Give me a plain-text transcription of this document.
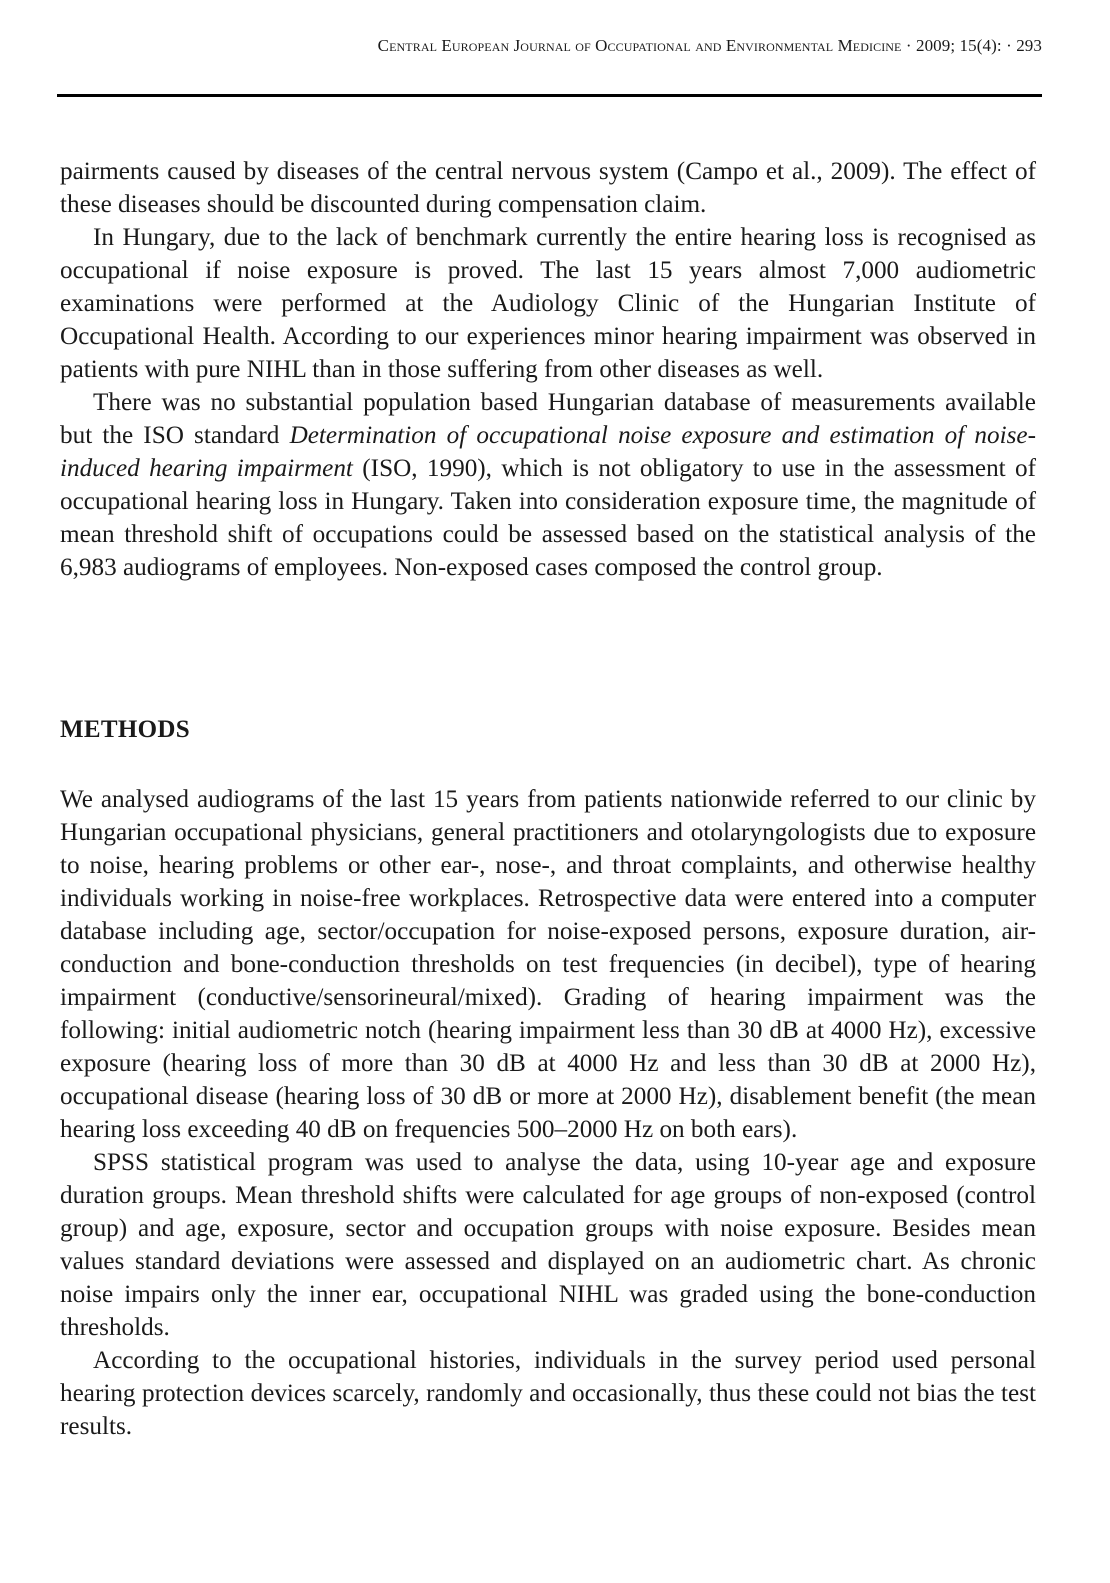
Central European Journal of Occupational and Environmental Medicine · 2009; 15(4): · 293

pairments caused by diseases of the central nervous system (Campo et al., 2009). The effect of these diseases should be discounted during compensation claim.

In Hungary, due to the lack of benchmark currently the entire hearing loss is recognised as occupational if noise exposure is proved. The last 15 years almost 7,000 audiometric examinations were performed at the Audiology Clinic of the Hungarian Institute of Occupational Health. According to our experiences minor hearing impairment was observed in patients with pure NIHL than in those suffering from other diseases as well.

There was no substantial population based Hungarian database of measurements available but the ISO standard Determination of occupational noise exposure and estimation of noise-induced hearing impairment (ISO, 1990), which is not obligatory to use in the assessment of occupational hearing loss in Hungary. Taken into consideration exposure time, the magnitude of mean threshold shift of occupations could be assessed based on the statistical analysis of the 6,983 audiograms of employees. Non-exposed cases composed the control group.

METHODS

We analysed audiograms of the last 15 years from patients nationwide referred to our clinic by Hungarian occupational physicians, general practitioners and otolaryngologists due to exposure to noise, hearing problems or other ear-, nose-, and throat complaints, and otherwise healthy individuals working in noise-free workplaces. Retrospective data were entered into a computer database including age, sector/occupation for noise-exposed persons, exposure duration, air-conduction and bone-conduction thresholds on test frequencies (in decibel), type of hearing impairment (conductive/sensorineural/mixed). Grading of hearing impairment was the following: initial audiometric notch (hearing impairment less than 30 dB at 4000 Hz), excessive exposure (hearing loss of more than 30 dB at 4000 Hz and less than 30 dB at 2000 Hz), occupational disease (hearing loss of 30 dB or more at 2000 Hz), disablement benefit (the mean hearing loss exceeding 40 dB on frequencies 500–2000 Hz on both ears).

SPSS statistical program was used to analyse the data, using 10-year age and exposure duration groups. Mean threshold shifts were calculated for age groups of non-exposed (control group) and age, exposure, sector and occupation groups with noise exposure. Besides mean values standard deviations were assessed and displayed on an audiometric chart. As chronic noise impairs only the inner ear, occupational NIHL was graded using the bone-conduction thresholds.

According to the occupational histories, individuals in the survey period used personal hearing protection devices scarcely, randomly and occasionally, thus these could not bias the test results.
